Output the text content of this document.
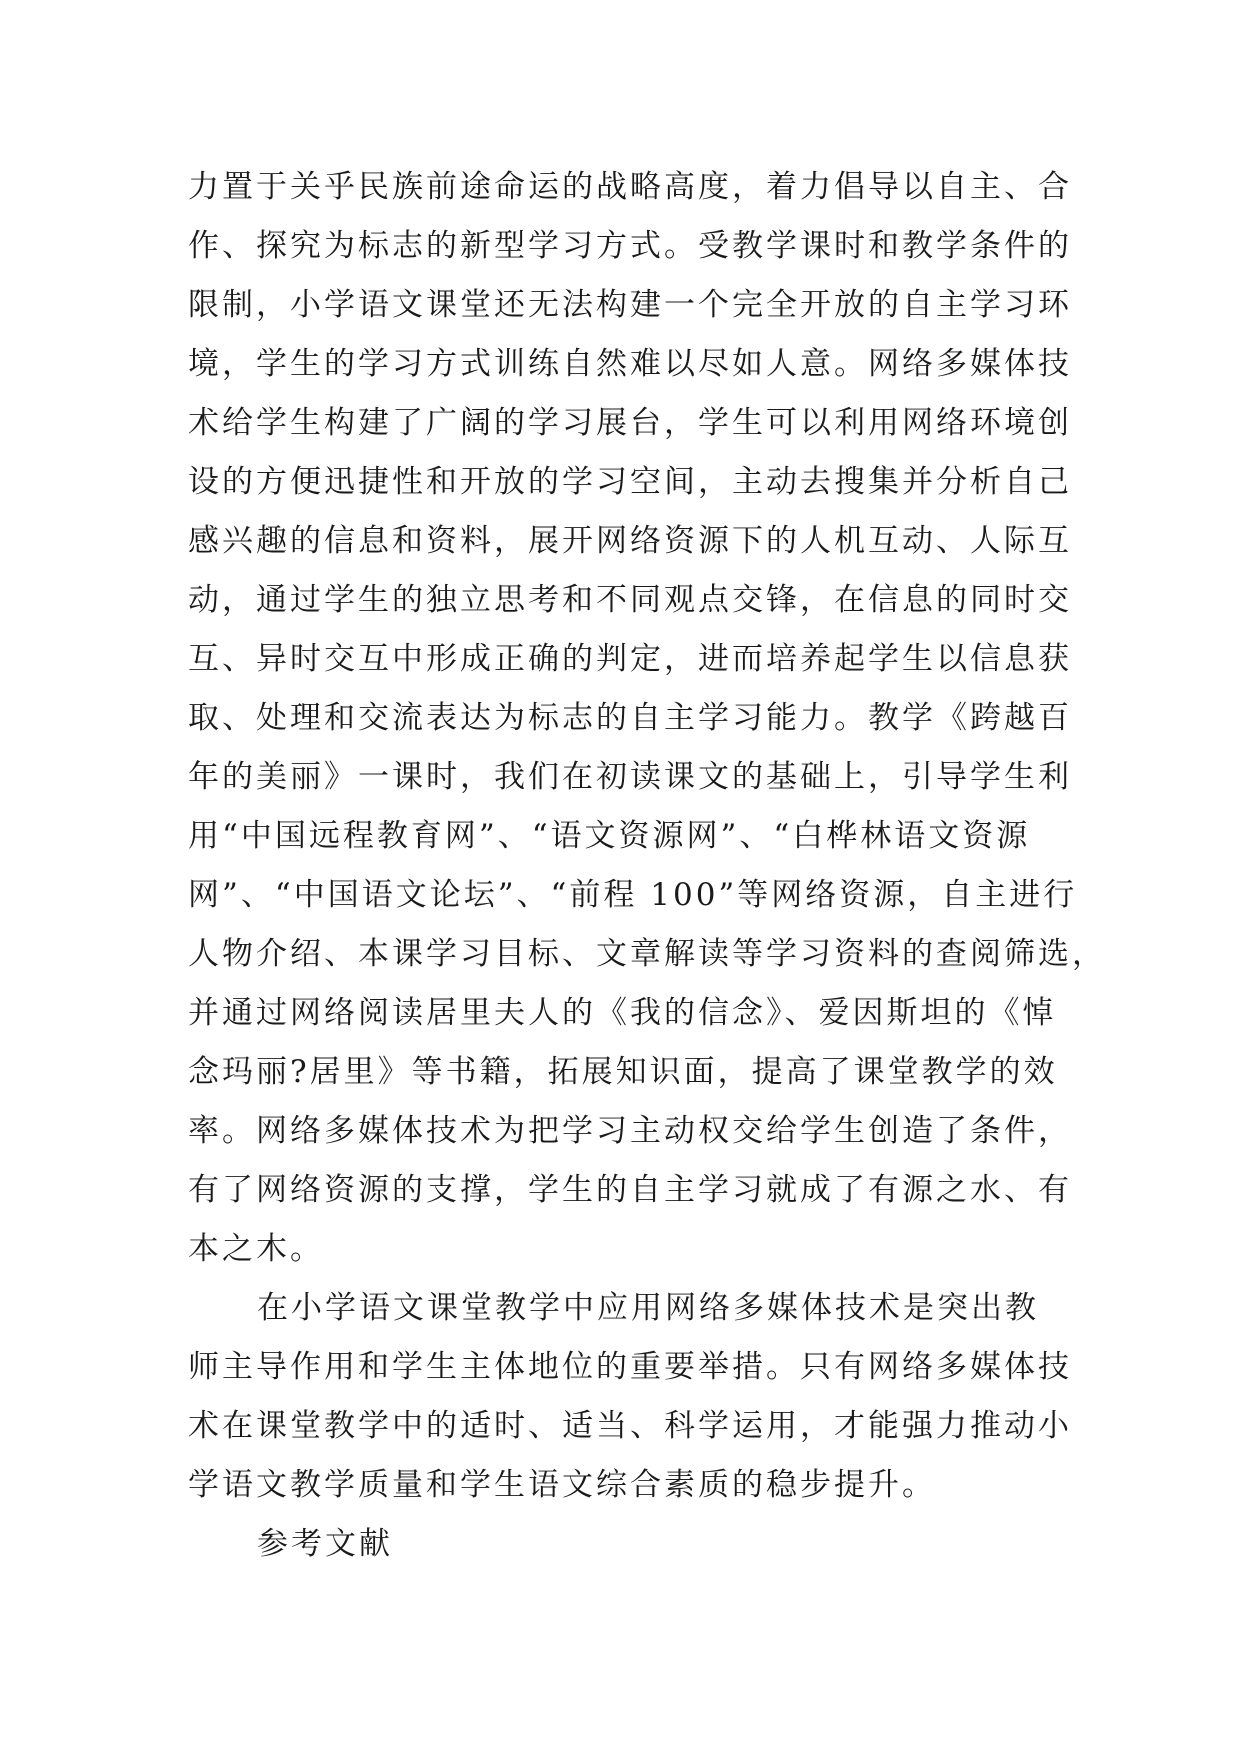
力置于关乎民族前途命运的战略高度，着力倡导以自主、合
作、探究为标志的新型学习方式。受教学课时和教学条件的
限制，小学语文课堂还无法构建一个完全开放的自主学习环
境，学生的学习方式训练自然难以尽如人意。网络多媒体技
术给学生构建了广阔的学习展台，学生可以利用网络环境创
设的方便迅捷性和开放的学习空间，主动去搜集并分析自己
感兴趣的信息和资料，展开网络资源下的人机互动、人际互
动，通过学生的独立思考和不同观点交锋，在信息的同时交
互、异时交互中形成正确的判定，进而培养起学生以信息获
取、处理和交流表达为标志的自主学习能力。教学《跨越百
年的美丽》一课时，我们在初读课文的基础上，引导学生利
用“中国远程教育网”、“语文资源网”、“白桦林语文资源
网”、“中国语文论坛”、“前程 100”等网络资源，自主进行
人物介绍、本课学习目标、文章解读等学习资料的查阅筛选，
并通过网络阅读居里夫人的《我的信念》、爱因斯坦的《悼
念玛丽?居里》等书籍，拓展知识面，提高了课堂教学的效
率。网络多媒体技术为把学习主动权交给学生创造了条件，
有了网络资源的支撑，学生的自主学习就成了有源之水、有
本之木。
在小学语文课堂教学中应用网络多媒体技术是突出教
师主导作用和学生主体地位的重要举措。只有网络多媒体技
术在课堂教学中的适时、适当、科学运用，才能强力推动小
学语文教学质量和学生语文综合素质的稳步提升。
参考文献
